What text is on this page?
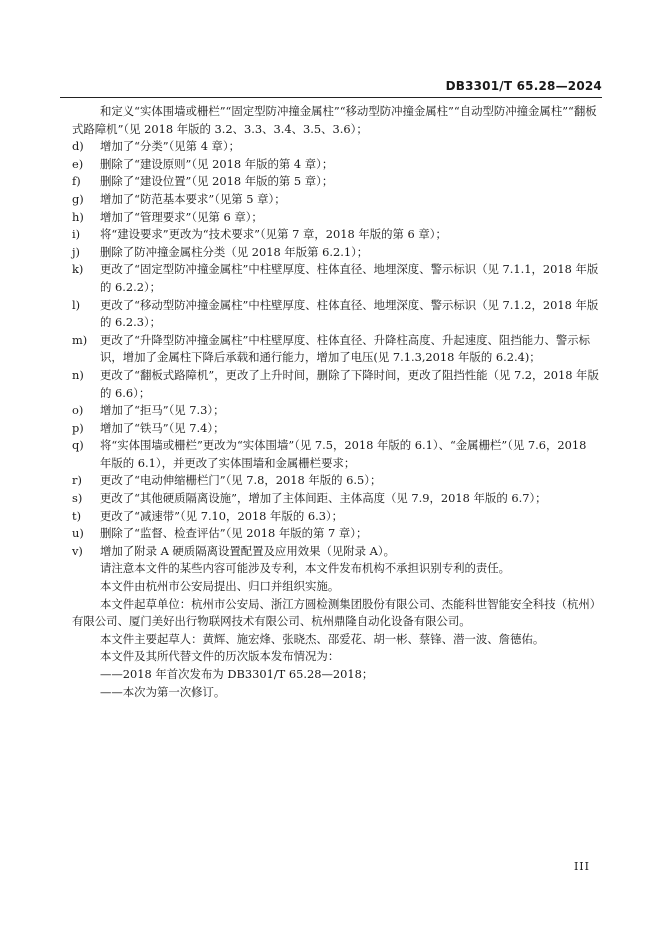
DB3301/T 65.28—2024
和定义“实体围墙或栅栏”“固定型防冲撞金属柱”“移动型防冲撞金属柱”“自动型防冲撞金属柱”“翻板式路障机”（见 2018 年版的 3.2、3.3、3.4、3.5、3.6）；
d)	增加了“分类”（见第 4 章）；
e)	删除了“建设原则”（见 2018 年版的第 4 章）；
f)	删除了“建设位置”（见 2018 年版的第 5 章）；
g)	增加了“防范基本要求”（见第 5 章）；
h)	增加了“管理要求”（见第 6 章）；
i)	将“建设要求”更改为“技术要求”（见第 7 章，2018 年版的第 6 章）；
j)	删除了防冲撞金属柱分类（见 2018 年版第 6.2.1）；
k)	更改了“固定型防冲撞金属柱”中柱壁厚度、柱体直径、地埋深度、警示标识（见 7.1.1，2018 年版的 6.2.2）；
l)	更改了“移动型防冲撞金属柱”中柱壁厚度、柱体直径、地埋深度、警示标识（见 7.1.2，2018 年版的 6.2.3）；
m)	更改了“升降型防冲撞金属柱”中柱壁厚度、柱体直径、升降柱高度、升起速度、阻挡能力、警示标识，增加了金属柱下降后承载和通行能力，增加了电压(见 7.1.3,2018 年版的 6.2.4)；
n)	更改了“翻板式路障机”，更改了上升时间，删除了下降时间，更改了阻挡性能（见 7.2，2018 年版的 6.6）；
o)	增加了“拒马”（见 7.3）；
p)	增加了“铁马”（见 7.4）；
q)	将“实体围墙或栅栏”更改为“实体围墙”（见 7.5，2018 年版的 6.1）、“金属栅栏”（见 7.6，2018 年版的 6.1），并更改了实体围墙和金属栅栏要求；
r)	更改了“电动伸缩栅栏门”（见 7.8，2018 年版的 6.5）；
s)	更改了“其他硬质隔离设施”，增加了主体间距、主体高度（见 7.9，2018 年版的 6.7）；
t)	更改了“减速带”（见 7.10，2018 年版的 6.3）；
u)	删除了“监督、检查评估”（见 2018 年版的第 7 章）；
v)	增加了附录 A 硬质隔离设置配置及应用效果（见附录 A）。
请注意本文件的某些内容可能涉及专利，本文件发布机构不承担识别专利的责任。
本文件由杭州市公安局提出、归口并组织实施。
本文件起草单位：杭州市公安局、浙江方圆检测集团股份有限公司、杰能科世智能安全科技（杭州）有限公司、厦门美好出行物联网技术有限公司、杭州鼎隆自动化设备有限公司。
本文件主要起草人：黄辉、施宏烽、张晓杰、邵爱花、胡一彬、蔡锋、潜一波、詹德佑。
本文件及其所代替文件的历次版本发布情况为：
——2018 年首次发布为 DB3301/T 65.28—2018；
——本次为第一次修订。
III
